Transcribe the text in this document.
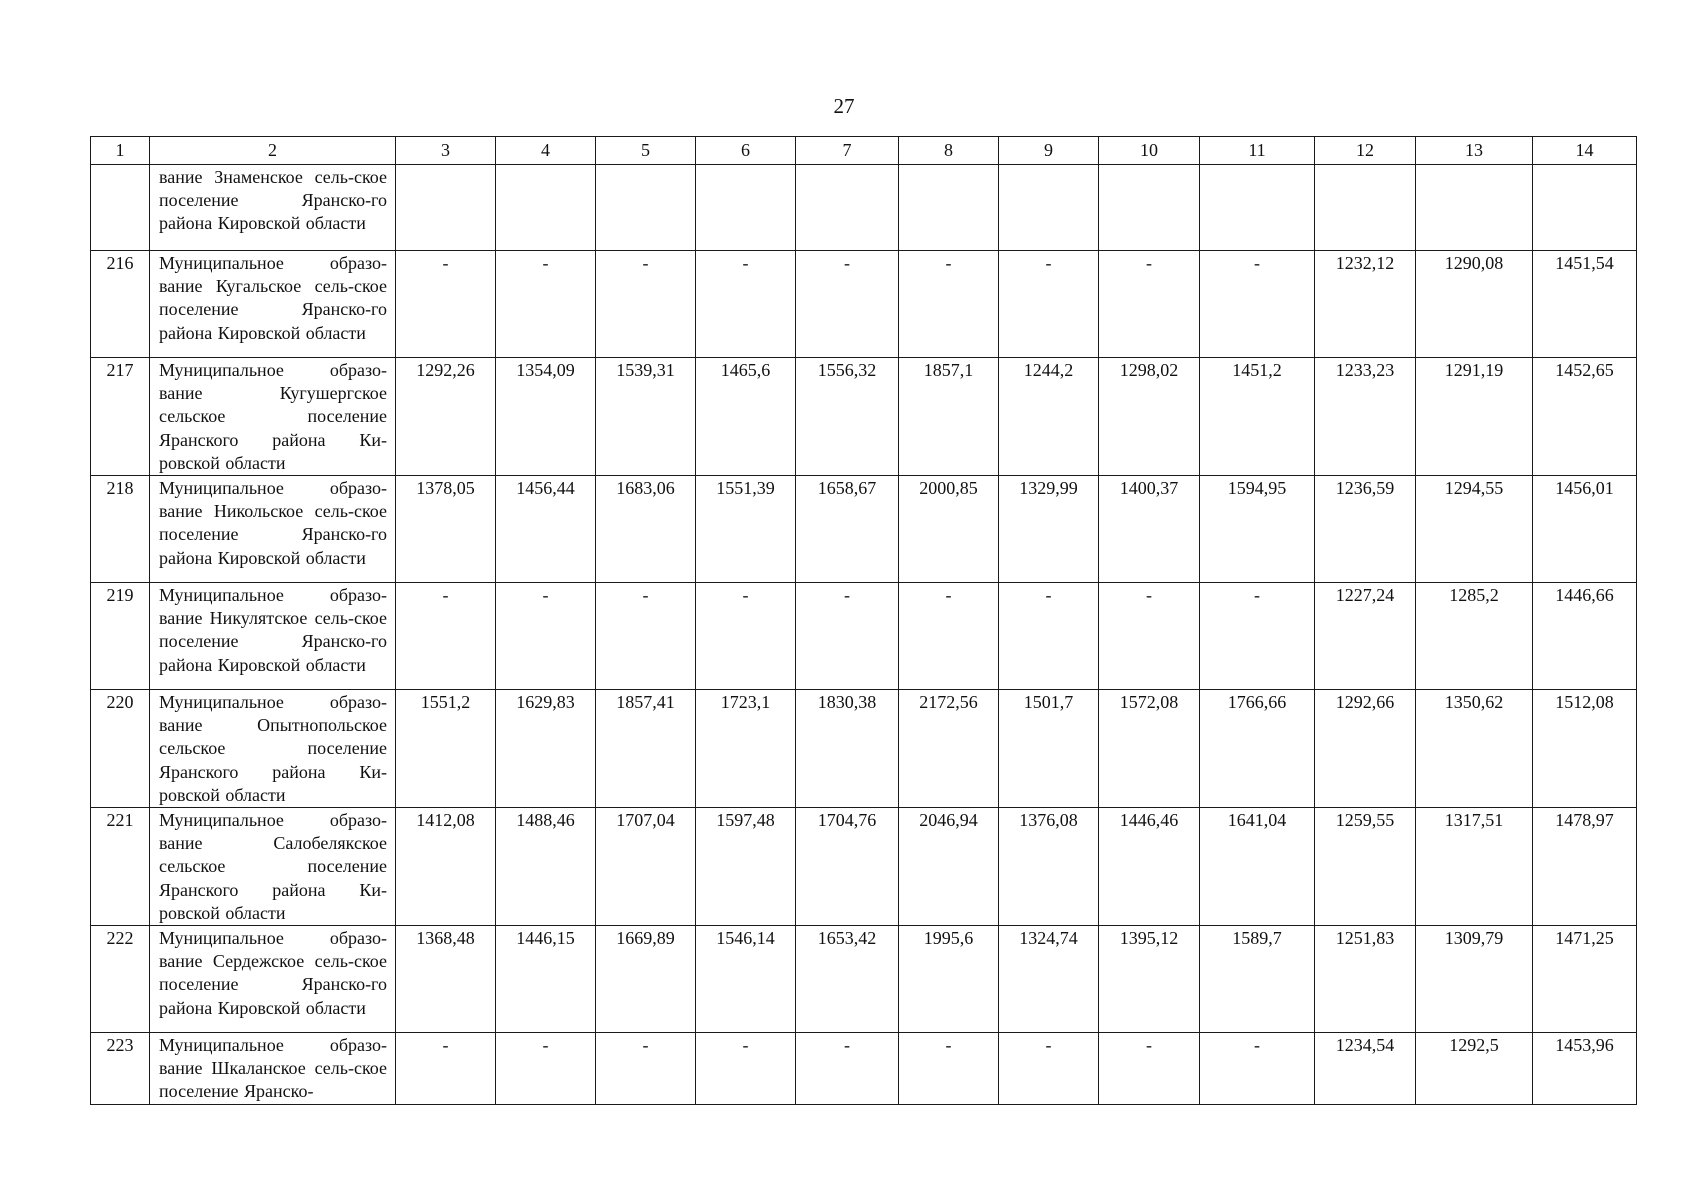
27
1	2	3	4	5	6	7	8	9	10	11	12	13	14
	вание Знаменское сель-ское поселение Яранско-го района Кировской области												
216	Муниципальное образо-вание Кугальское сель-ское поселение Яранско-го района Кировской области	-	-	-	-	-	-	-	-	-	1232,12	1290,08	1451,54
217	Муниципальное образо-вание Кугушергское сельское поселение Яранского района Ки-ровской области	1292,26	1354,09	1539,31	1465,6	1556,32	1857,1	1244,2	1298,02	1451,2	1233,23	1291,19	1452,65
218	Муниципальное образо-вание Никольское сель-ское поселение Яранско-го района Кировской области	1378,05	1456,44	1683,06	1551,39	1658,67	2000,85	1329,99	1400,37	1594,95	1236,59	1294,55	1456,01
219	Муниципальное образо-вание Никулятское сель-ское поселение Яранско-го района Кировской области	-	-	-	-	-	-	-	-	-	1227,24	1285,2	1446,66
220	Муниципальное образо-вание Опытнопольское сельское поселение Яранского района Ки-ровской области	1551,2	1629,83	1857,41	1723,1	1830,38	2172,56	1501,7	1572,08	1766,66	1292,66	1350,62	1512,08
221	Муниципальное образо-вание Салобелякское сельское поселение Яранского района Ки-ровской области	1412,08	1488,46	1707,04	1597,48	1704,76	2046,94	1376,08	1446,46	1641,04	1259,55	1317,51	1478,97
222	Муниципальное образо-вание Сердежское сель-ское поселение Яранско-го района Кировской области	1368,48	1446,15	1669,89	1546,14	1653,42	1995,6	1324,74	1395,12	1589,7	1251,83	1309,79	1471,25
223	Муниципальное образо-вание Шкаланское сель-ское поселение Яранско-	-	-	-	-	-	-	-	-	-	1234,54	1292,5	1453,96
